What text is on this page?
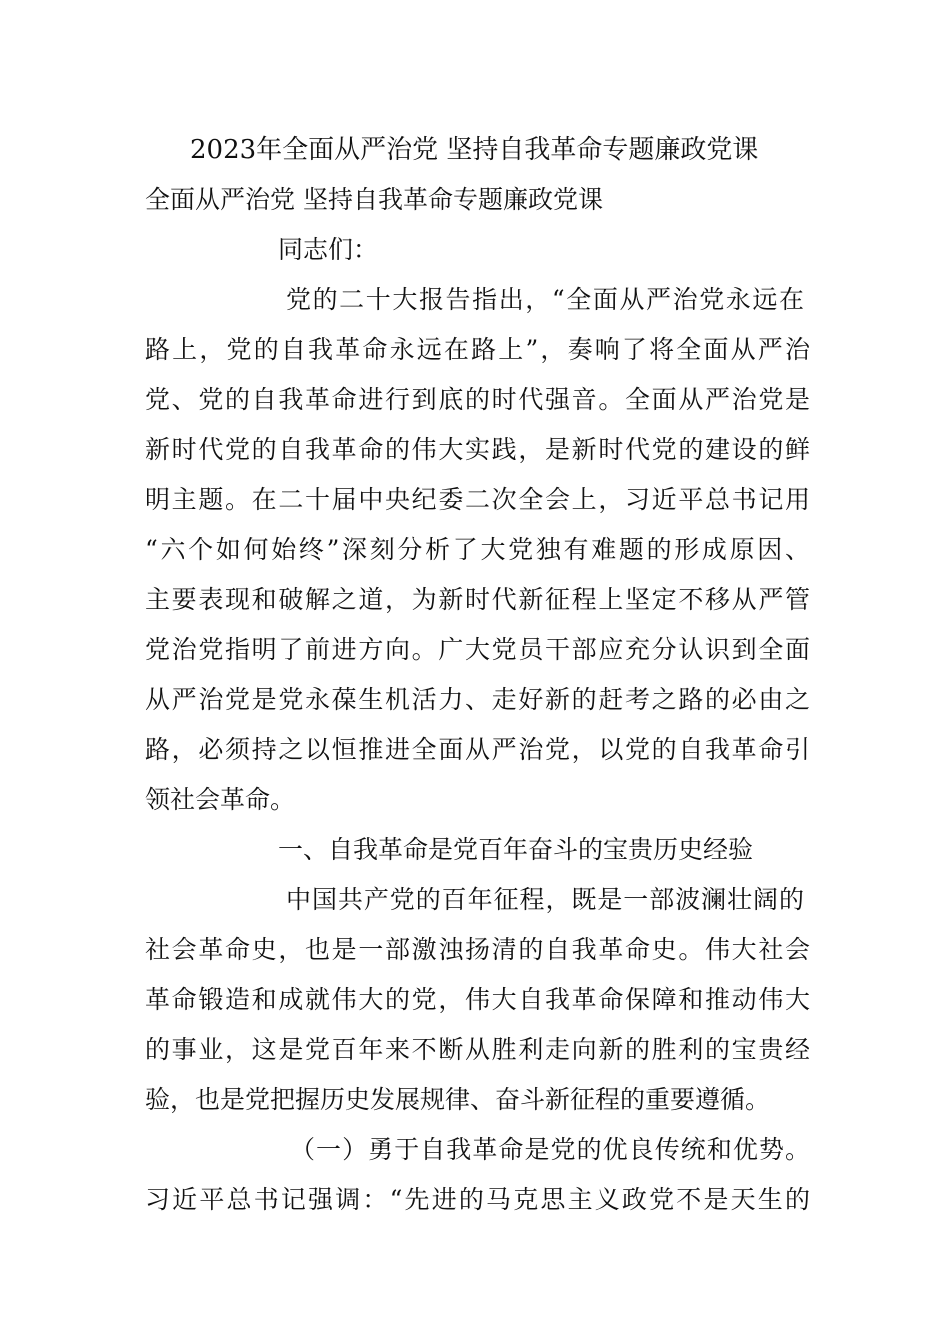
2023年全面从严治党 坚持自我革命专题廉政党课
全面从严治党 坚持自我革命专题廉政党课
同志们：
党的二十大报告指出，“全面从严治党永远在
路上，党的自我革命永远在路上”，奏响了将全面从严治
党、党的自我革命进行到底的时代强音。全面从严治党是
新时代党的自我革命的伟大实践，是新时代党的建设的鲜
明主题。在二十届中央纪委二次全会上，习近平总书记用
“六个如何始终”深刻分析了大党独有难题的形成原因、
主要表现和破解之道，为新时代新征程上坚定不移从严管
党治党指明了前进方向。广大党员干部应充分认识到全面
从严治党是党永葆生机活力、走好新的赶考之路的必由之
路，必须持之以恒推进全面从严治党，以党的自我革命引
领社会革命。
一、自我革命是党百年奋斗的宝贵历史经验
中国共产党的百年征程，既是一部波澜壮阔的
社会革命史，也是一部激浊扬清的自我革命史。伟大社会
革命锻造和成就伟大的党，伟大自我革命保障和推动伟大
的事业，这是党百年来不断从胜利走向新的胜利的宝贵经
验，也是党把握历史发展规律、奋斗新征程的重要遵循。
（一）勇于自我革命是党的优良传统和优势。
习近平总书记强调：“先进的马克思主义政党不是天生的
